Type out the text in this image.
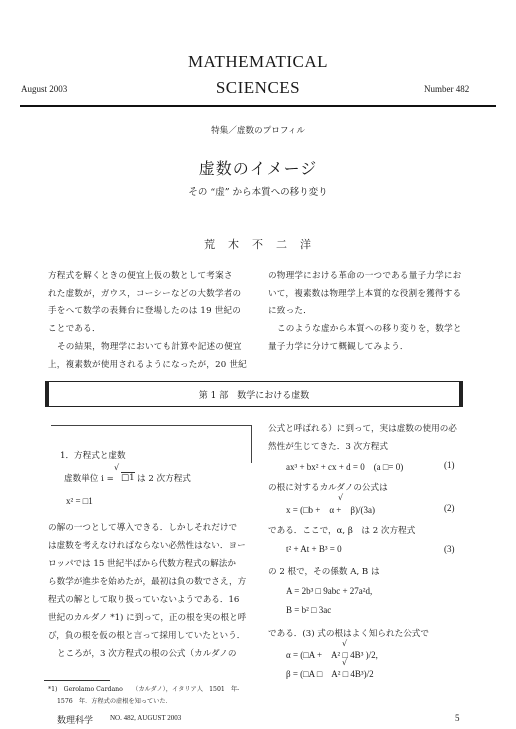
MATHEMATICAL
SCIENCES
August 2003	Number 482
特集／虚数のプロフィル
虚数のイメージ
その “虚” から本質への移り変り
荒　木　不　二　洋
方程式を解くときの便宜上仮の数として考案さ
れた虚数が，ガウス，コーシーなどの大数学者の
手をへて数学の表舞台に登場したのは 19 世紀の
ことである．
その結果，物理学においても計算や記述の便宜
上，複素数が使用されるようになったが，20 世紀
の物理学における革命の一つである量子力学にお
いて，複素数は物理学上本質的な役割を獲得する
に致った．
このような虚から本質への移り変りを，数学と
量子力学に分けて概観してみよう．
第 1 部　数学における虚数
1．方程式と虚数
虚数単位 i =
√
□1 は 2 次方程式
x² = □1
の解の一つとして導入できる．しかしそれだけで
は虚数を考えなければならない必然性はない．ヨー
ロッパでは 15 世紀半ばから代数方程式の解法か
ら数学が進歩を始めたが，最初は負の数でさえ，方
程式の解として取り扱っていないようである．16
世紀のカルダノ *1) に到って，正の根を実の根と呼
び，負の根を仮の根と言って採用していたという．
ところが，3 次方程式の根の公式（カルダノの
*1)　Gerolamo Cardano　　（カルダノ），イタリア人　1501　年-
1576　年．方程式の虚根を知っていた．
公式と呼ばれる）に到って，実は虚数の使用の必
然性が生じてきた．3 次方程式
ax³ + bx² + cx + d = 0　(a □= 0)	(1)
の根に対するカルダノの公式は
x = (□b +　α +　β)/(3a)
√
(2)
である．ここで，α, β　は 2 次方程式
t² + At + B³ = 0	(3)
の 2 根で，その係数 A, B は
A = 2b³ □ 9abc + 27a²d,
B = b² □ 3ac
である．(3) 式の根はよく知られた公式で
α = (□A +　A² □ 4B³ )/2,
√
β = (□A □　A² □ 4B³)/2
√
数理科学 NO. 482, AUGUST 2003	5
